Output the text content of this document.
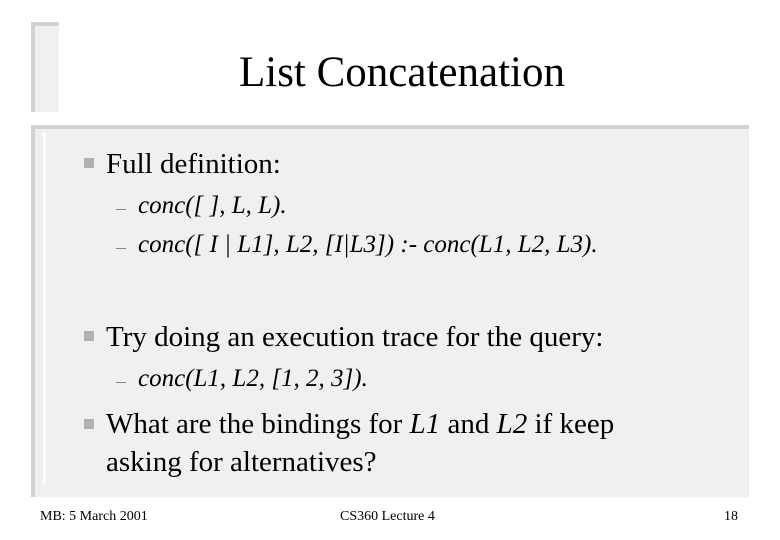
List Concatenation
Full definition:
– conc([ ], L, L).
– conc([ I | L1], L2, [I|L3]) :- conc(L1, L2, L3).
Try doing an execution trace for the query:
– conc(L1, L2, [1, 2, 3]).
What are the bindings for L1 and L2 if keep
asking for alternatives?
MB: 5 March 2001	CS360 Lecture 4	18
